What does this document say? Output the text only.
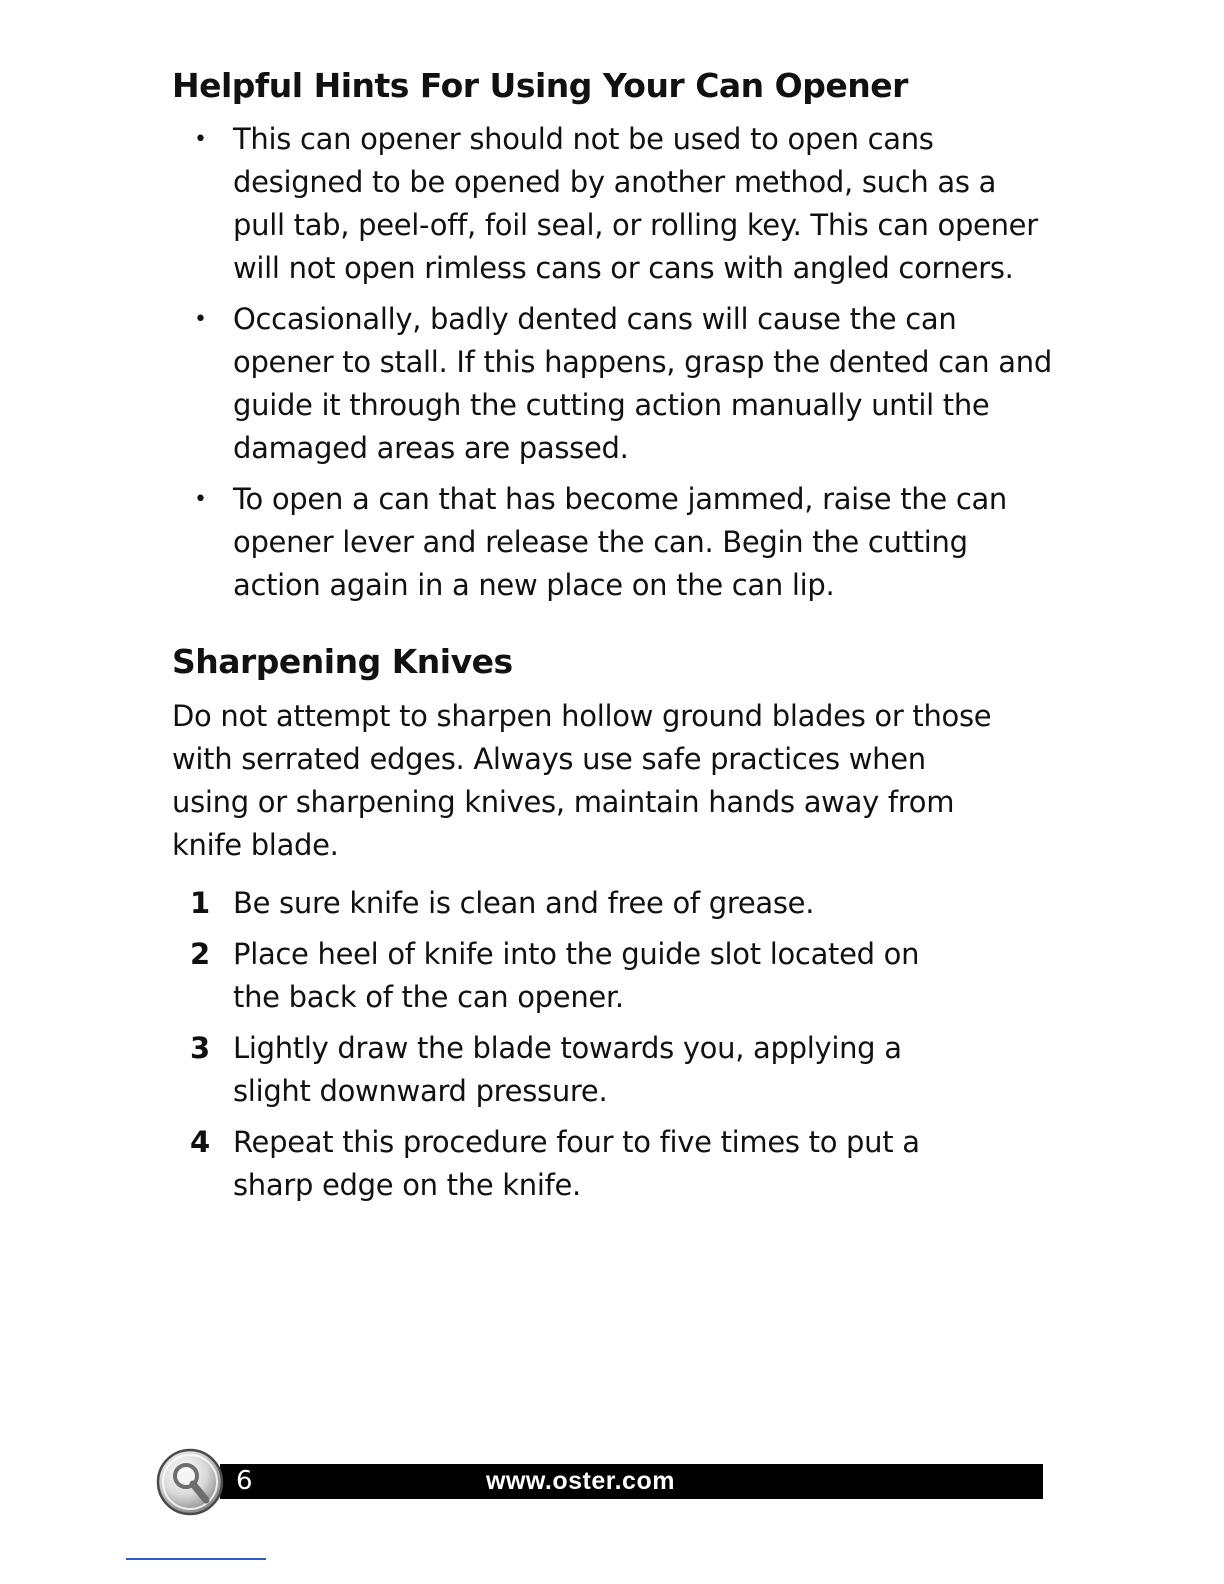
Helpful Hints For Using Your Can Opener
• This can opener should not be used to open cans designed to be opened by another method, such as a pull tab, peel-off, foil seal, or rolling key. This can opener will not open rimless cans or cans with angled corners.
• Occasionally, badly dented cans will cause the can opener to stall. If this happens, grasp the dented can and guide it through the cutting action manually until the damaged areas are passed.
• To open a can that has become jammed, raise the can opener lever and release the can. Begin the cutting action again in a new place on the can lip.
Sharpening Knives

Do not attempt to sharpen hollow ground blades or those with serrated edges. Always use safe practices when using or sharpening knives, maintain hands away from knife blade.

1 Be sure knife is clean and free of grease.
2 Place heel of knife into the guide slot located on the back of the can opener.
3 Lightly draw the blade towards you, applying a slight downward pressure.
4 Repeat this procedure four to five times to put a sharp edge on the knife.
6	www.oster.com
